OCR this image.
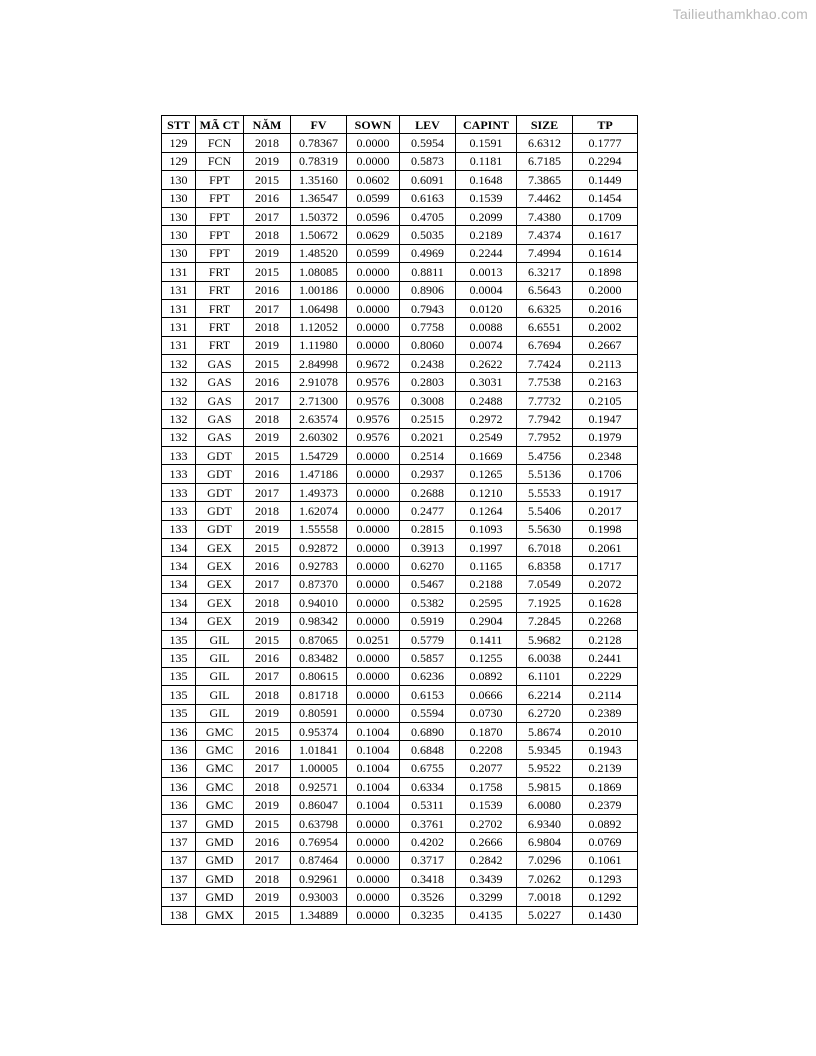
Tailieuthamkhao.com
STT	MÃ CT	NĂM	FV	SOWN	LEV	CAPINT	SIZE	TP
129	FCN	2018	0.78367	0.0000	0.5954	0.1591	6.6312	0.1777
129	FCN	2019	0.78319	0.0000	0.5873	0.1181	6.7185	0.2294
130	FPT	2015	1.35160	0.0602	0.6091	0.1648	7.3865	0.1449
130	FPT	2016	1.36547	0.0599	0.6163	0.1539	7.4462	0.1454
130	FPT	2017	1.50372	0.0596	0.4705	0.2099	7.4380	0.1709
130	FPT	2018	1.50672	0.0629	0.5035	0.2189	7.4374	0.1617
130	FPT	2019	1.48520	0.0599	0.4969	0.2244	7.4994	0.1614
131	FRT	2015	1.08085	0.0000	0.8811	0.0013	6.3217	0.1898
131	FRT	2016	1.00186	0.0000	0.8906	0.0004	6.5643	0.2000
131	FRT	2017	1.06498	0.0000	0.7943	0.0120	6.6325	0.2016
131	FRT	2018	1.12052	0.0000	0.7758	0.0088	6.6551	0.2002
131	FRT	2019	1.11980	0.0000	0.8060	0.0074	6.7694	0.2667
132	GAS	2015	2.84998	0.9672	0.2438	0.2622	7.7424	0.2113
132	GAS	2016	2.91078	0.9576	0.2803	0.3031	7.7538	0.2163
132	GAS	2017	2.71300	0.9576	0.3008	0.2488	7.7732	0.2105
132	GAS	2018	2.63574	0.9576	0.2515	0.2972	7.7942	0.1947
132	GAS	2019	2.60302	0.9576	0.2021	0.2549	7.7952	0.1979
133	GDT	2015	1.54729	0.0000	0.2514	0.1669	5.4756	0.2348
133	GDT	2016	1.47186	0.0000	0.2937	0.1265	5.5136	0.1706
133	GDT	2017	1.49373	0.0000	0.2688	0.1210	5.5533	0.1917
133	GDT	2018	1.62074	0.0000	0.2477	0.1264	5.5406	0.2017
133	GDT	2019	1.55558	0.0000	0.2815	0.1093	5.5630	0.1998
134	GEX	2015	0.92872	0.0000	0.3913	0.1997	6.7018	0.2061
134	GEX	2016	0.92783	0.0000	0.6270	0.1165	6.8358	0.1717
134	GEX	2017	0.87370	0.0000	0.5467	0.2188	7.0549	0.2072
134	GEX	2018	0.94010	0.0000	0.5382	0.2595	7.1925	0.1628
134	GEX	2019	0.98342	0.0000	0.5919	0.2904	7.2845	0.2268
135	GIL	2015	0.87065	0.0251	0.5779	0.1411	5.9682	0.2128
135	GIL	2016	0.83482	0.0000	0.5857	0.1255	6.0038	0.2441
135	GIL	2017	0.80615	0.0000	0.6236	0.0892	6.1101	0.2229
135	GIL	2018	0.81718	0.0000	0.6153	0.0666	6.2214	0.2114
135	GIL	2019	0.80591	0.0000	0.5594	0.0730	6.2720	0.2389
136	GMC	2015	0.95374	0.1004	0.6890	0.1870	5.8674	0.2010
136	GMC	2016	1.01841	0.1004	0.6848	0.2208	5.9345	0.1943
136	GMC	2017	1.00005	0.1004	0.6755	0.2077	5.9522	0.2139
136	GMC	2018	0.92571	0.1004	0.6334	0.1758	5.9815	0.1869
136	GMC	2019	0.86047	0.1004	0.5311	0.1539	6.0080	0.2379
137	GMD	2015	0.63798	0.0000	0.3761	0.2702	6.9340	0.0892
137	GMD	2016	0.76954	0.0000	0.4202	0.2666	6.9804	0.0769
137	GMD	2017	0.87464	0.0000	0.3717	0.2842	7.0296	0.1061
137	GMD	2018	0.92961	0.0000	0.3418	0.3439	7.0262	0.1293
137	GMD	2019	0.93003	0.0000	0.3526	0.3299	7.0018	0.1292
138	GMX	2015	1.34889	0.0000	0.3235	0.4135	5.0227	0.1430
